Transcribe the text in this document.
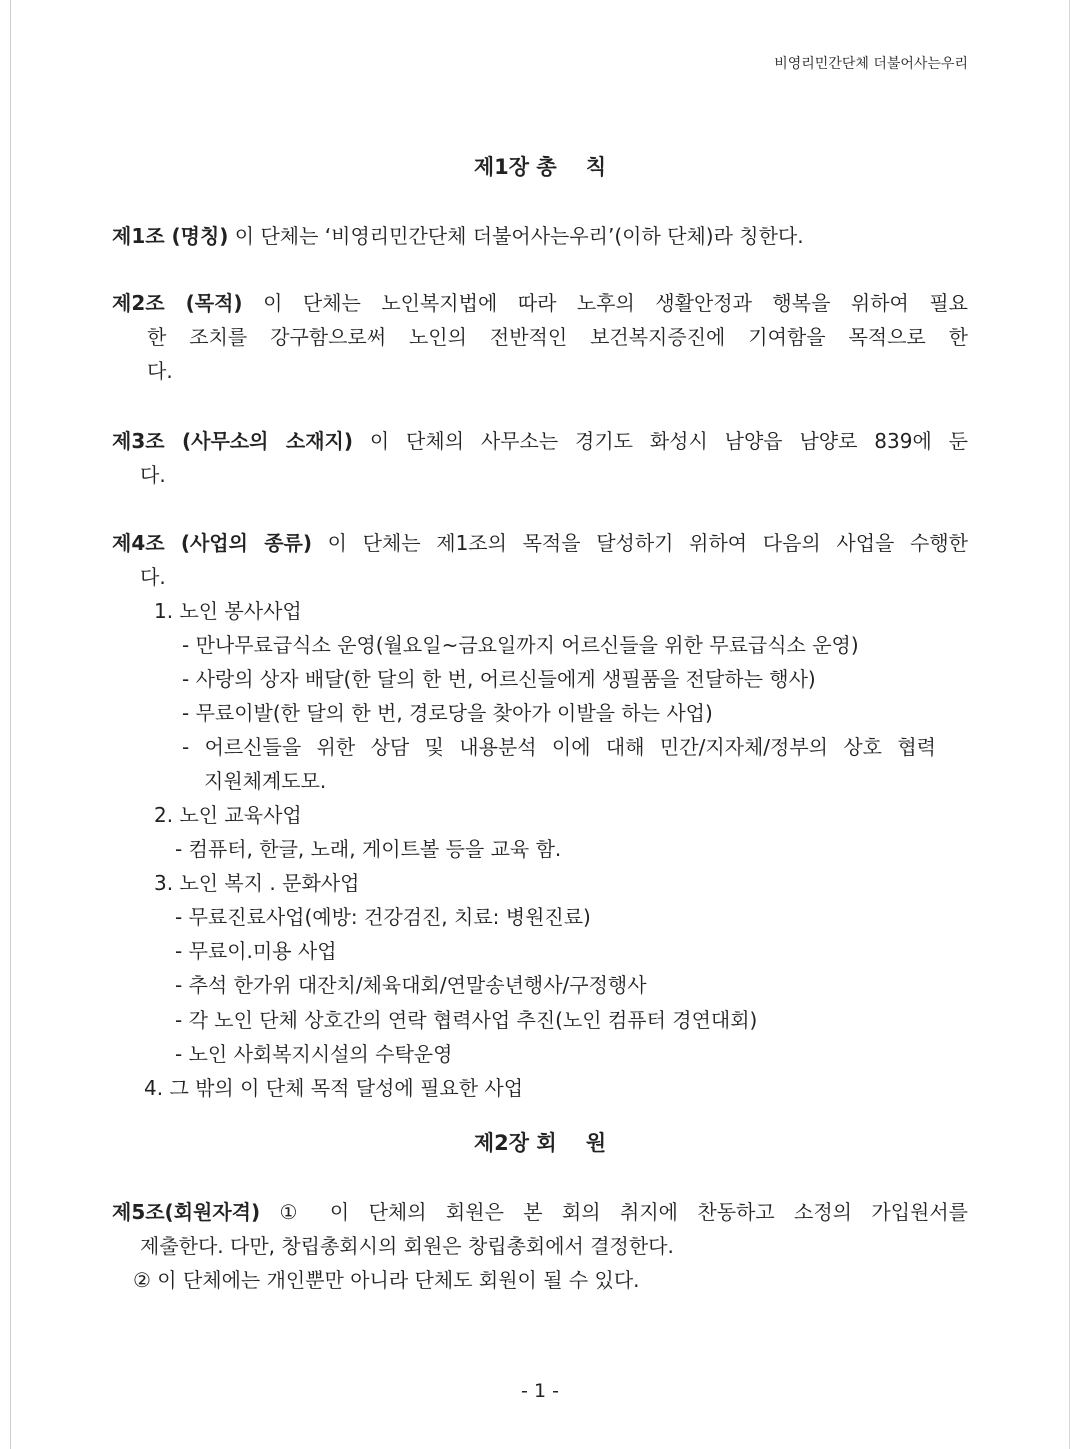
비영리민간단체 더불어사는우리
제1장 총    칙
제1조 (명칭) 이 단체는 ‘비영리민간단체 더불어사는우리’(이하 단체)라 칭한다.
제2조 (목적) 이 단체는 노인복지법에 따라 노후의 생활안정과 행복을 위하여 필요
한 조치를 강구함으로써 노인의 전반적인 보건복지증진에 기여함을 목적으로 한
다.
제3조 (사무소의 소재지) 이 단체의 사무소는 경기도 화성시 남양읍 남양로 839에 둔
다.
제4조 (사업의 종류) 이 단체는 제1조의 목적을 달성하기 위하여 다음의 사업을 수행한
다.
1. 노인 봉사사업
- 만나무료급식소 운영(월요일~금요일까지 어르신들을 위한 무료급식소 운영)
- 사랑의 상자 배달(한 달의 한 번, 어르신들에게 생필품을 전달하는 행사)
- 무료이발(한 달의 한 번, 경로당을 찾아가 이발을 하는 사업)
- 어르신들을 위한 상담 및 내용분석 이에 대해 민간/지자체/정부의 상호 협력
지원체계도모.
2. 노인 교육사업
- 컴퓨터, 한글, 노래, 게이트볼 등을 교육 함.
3. 노인 복지 . 문화사업
- 무료진료사업(예방: 건강검진, 치료: 병원진료)
- 무료이.미용 사업
- 추석 한가위 대잔치/체육대회/연말송년행사/구정행사
- 각 노인 단체 상호간의 연락 협력사업 추진(노인 컴퓨터 경연대회)
- 노인 사회복지시설의 수탁운영
4. 그 밖의 이 단체 목적 달성에 필요한 사업
제2장 회    원
제5조(회원자격) ① 이 단체의 회원은 본 회의 취지에 찬동하고 소정의 가입원서를
제출한다. 다만, 창립총회시의 회원은 창립총회에서 결정한다.
② 이 단체에는 개인뿐만 아니라 단체도 회원이 될 수 있다.
- 1 -
